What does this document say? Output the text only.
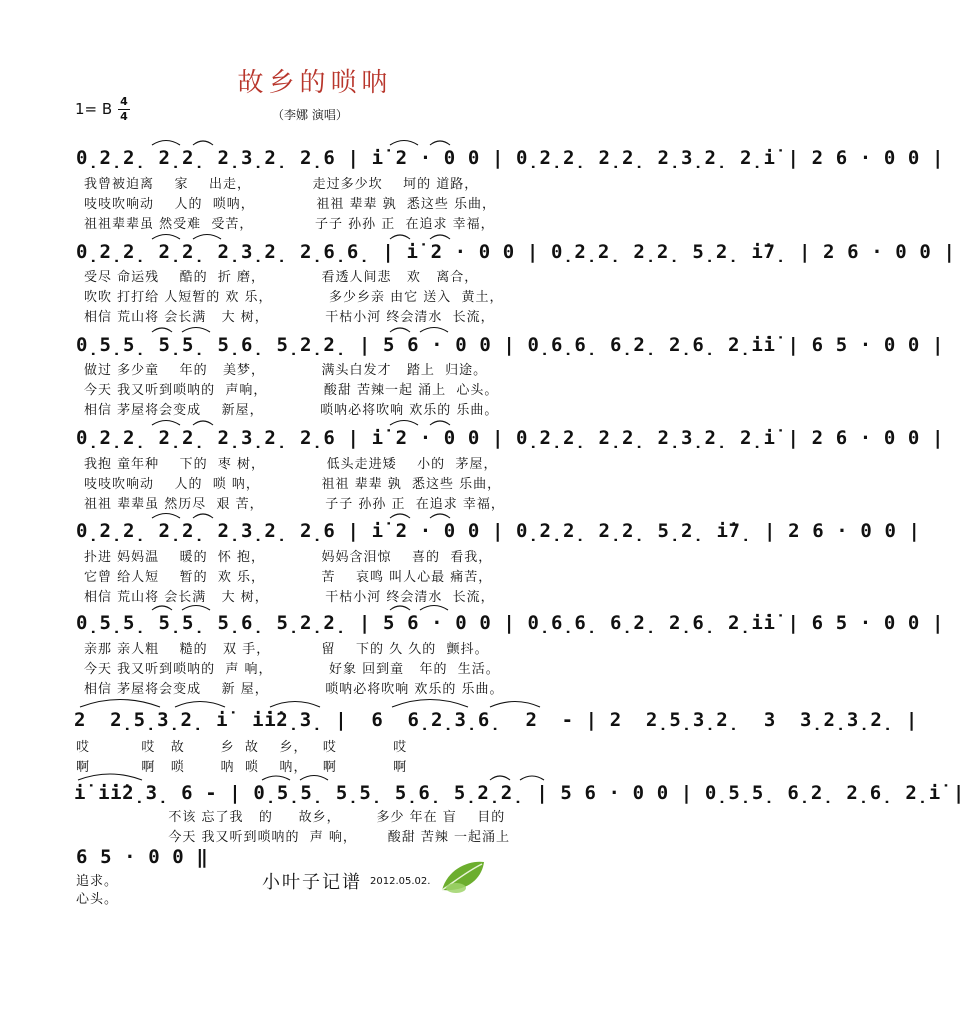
故乡的唢呐
1= B 4
4	（李娜 演唱）
0̣2̣2̣ 2̣2̣ 2̣3̣2̣ 2̣6 | i̇ 2 · 0 0 | 0̣2̣2̣ 2̣2̣ 2̣3̣2̣ 2̣i̇ | 2 6 · 0 0 |
我曾被迫离    家    出走，            走过多少坎    坷的 道路，
吱吱吹响动    人的  唢呐，            祖祖 辈辈 孰  悉这些 乐曲，
祖祖辈辈虽 然受难  受苦，            子子 孙孙 正  在追求 幸福，
0̣2̣2̣ 2̣2̣ 2̣3̣2̣ 2̣6̣6̣ | i̇ 2 · 0 0 | 0̣2̣2̣ 2̣2̣ 5̣2̣ i̇7̣ | 2 6 · 0 0 |
受尽 命运残    酷的  折 磨，           看透人间悲   欢   离合，
吹吹 打打给 人短暂的 欢 乐，           多少乡亲 由它 送入  黄土，
相信 荒山将 会长满   大 树，           干枯小河 终会清水  长流，
0̣5̣5̣ 5̣5̣ 5̣6̣ 5̣2̣2̣ | 5 6 · 0 0 | 0̣6̣6̣ 6̣2̣ 2̣6̣ 2̣i̇i̇ | 6 5 · 0 0 |
做过 多少童    年的   美梦，           满头白发才   踏上  归途。
今天 我又听到唢呐的  声响，           酸甜 苦辣一起 涌上  心头。
相信 茅屋将会变成    新屋，           唢呐必将吹响 欢乐的 乐曲。
0̣2̣2̣ 2̣2̣ 2̣3̣2̣ 2̣6 | i̇ 2 · 0 0 | 0̣2̣2̣ 2̣2̣ 2̣3̣2̣ 2̣i̇ | 2 6 · 0 0 |
我抱 童年种    下的  枣 树，            低头走进矮    小的  茅屋，
吱吱吹响动    人的  唢 呐，            祖祖 辈辈 孰  悉这些 乐曲，
祖祖 辈辈虽 然历尽  艰 苦，            子子 孙孙 正  在追求 幸福，
0̣2̣2̣ 2̣2̣ 2̣3̣2̣ 2̣6 | i̇ 2 · 0 0 | 0̣2̣2̣ 2̣2̣ 5̣2̣ i̇7̣ | 2 6 · 0 0 |
扑进 妈妈温    暖的  怀 抱，           妈妈含泪惊    喜的  看我，
它曾 给人短    暂的  欢 乐，           苦    哀鸣 叫人心最 痛苦，
相信 荒山将 会长满   大 树，           干枯小河 终会清水  长流，
0̣5̣5̣ 5̣5̣ 5̣6̣ 5̣2̣2̣ | 5 6 · 0 0 | 0̣6̣6̣ 6̣2̣ 2̣6̣ 2̣i̇i̇ | 6 5 · 0 0 |
亲那 亲人粗    糙的   双 手，          留    下的 久 久的  颤抖。
今天 我又听到唢呐的  声 响，           好象 回到童   年的  生活。
相信 茅屋将会变成    新 屋，           唢呐必将吹响 欢乐的 乐曲。
2  2̣5̣3̣2̣ i̇  i̇i̇2̣3̣ |  6  6̣2̣3̣6̣  2  - | 2  2̣5̣3̣2̣  3  3̣2̣3̣2̣ |
哎          哎   故       乡  故    乡，   哎           哎
啊          啊   唢       呐  唢    呐，   啊           啊
i̇ i̇i̇2̣3̣ 6 - | 0̣5̣5̣ 5̣5̣ 5̣6̣ 5̣2̣2̣ | 5 6 · 0 0 | 0̣5̣5̣ 6̣2̣ 2̣6̣ 2̣i̇ |
不该 忘了我   的     故乡，       多少 年在 盲    目的
今天 我又听到唢呐的  声 响，      酸甜 苦辣 一起涌上
6 5 · 0 0 ‖
追求。
心头。
小叶子记谱 2012.05.02.
